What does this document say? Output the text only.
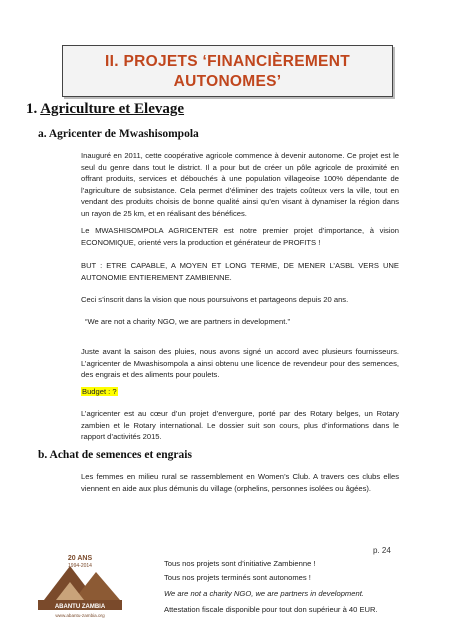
II. PROJETS ‘FINANCIÈREMENT
AUTONOMES’
1. Agriculture et Elevage
a. Agricenter de Mwashisompola
Inauguré en 2011, cette coopérative agricole commence à devenir autonome. Ce projet est le seul du genre dans tout le district. Il a pour but de créer un pôle agricole de proximité en offrant produits, services et débouchés à une population villageoise 100% dépendante de l’agriculture de subsistance. Cela permet d’éliminer des trajets coûteux vers la ville, tout en vendant des produits choisis de bonne qualité ainsi qu’en visant à dynamiser la région dans un rayon de 25 km, et en réalisant des bénéfices.
Le MWASHISOMPOLA AGRICENTER est notre premier projet d’importance, à vision ECONOMIQUE, orienté vers la production et générateur de PROFITS !
BUT : ETRE CAPABLE, A MOYEN ET LONG TERME, DE MENER L’ASBL VERS UNE AUTONOMIE ENTIEREMENT ZAMBIENNE.
Ceci s’inscrit dans la vision que nous poursuivons et partageons depuis 20 ans.
“We are not a charity NGO, we are partners in development.”
Juste avant la saison des pluies, nous avons signé un accord avec plusieurs fournisseurs. L’agricenter de Mwashisompola a ainsi obtenu une licence de revendeur pour des semences, des engrais et des aliments pour poulets.
Budget : ?
L’agricenter est au cœur d’un projet d’envergure, porté par des Rotary belges, un Rotary zambien et le Rotary international. Le dossier suit son cours, plus d’informations dans le rapport d’activités 2015.
b. Achat de semences et engrais
Les femmes en milieu rural se rassemblement en Women’s Club. A travers ces clubs elles viennent en aide aux plus démunis du village (orphelins, personnes isolées ou âgées).
20 ANS
1994-2014
ABANTU ZAMBIA
www.abantu-zambia.org
p. 24
Tous nos projets sont d’initiative Zambienne !
Tous nos projets terminés sont autonomes !
We are not a charity NGO, we are partners in development.
Attestation fiscale disponible pour tout don supérieur à 40 EUR.
